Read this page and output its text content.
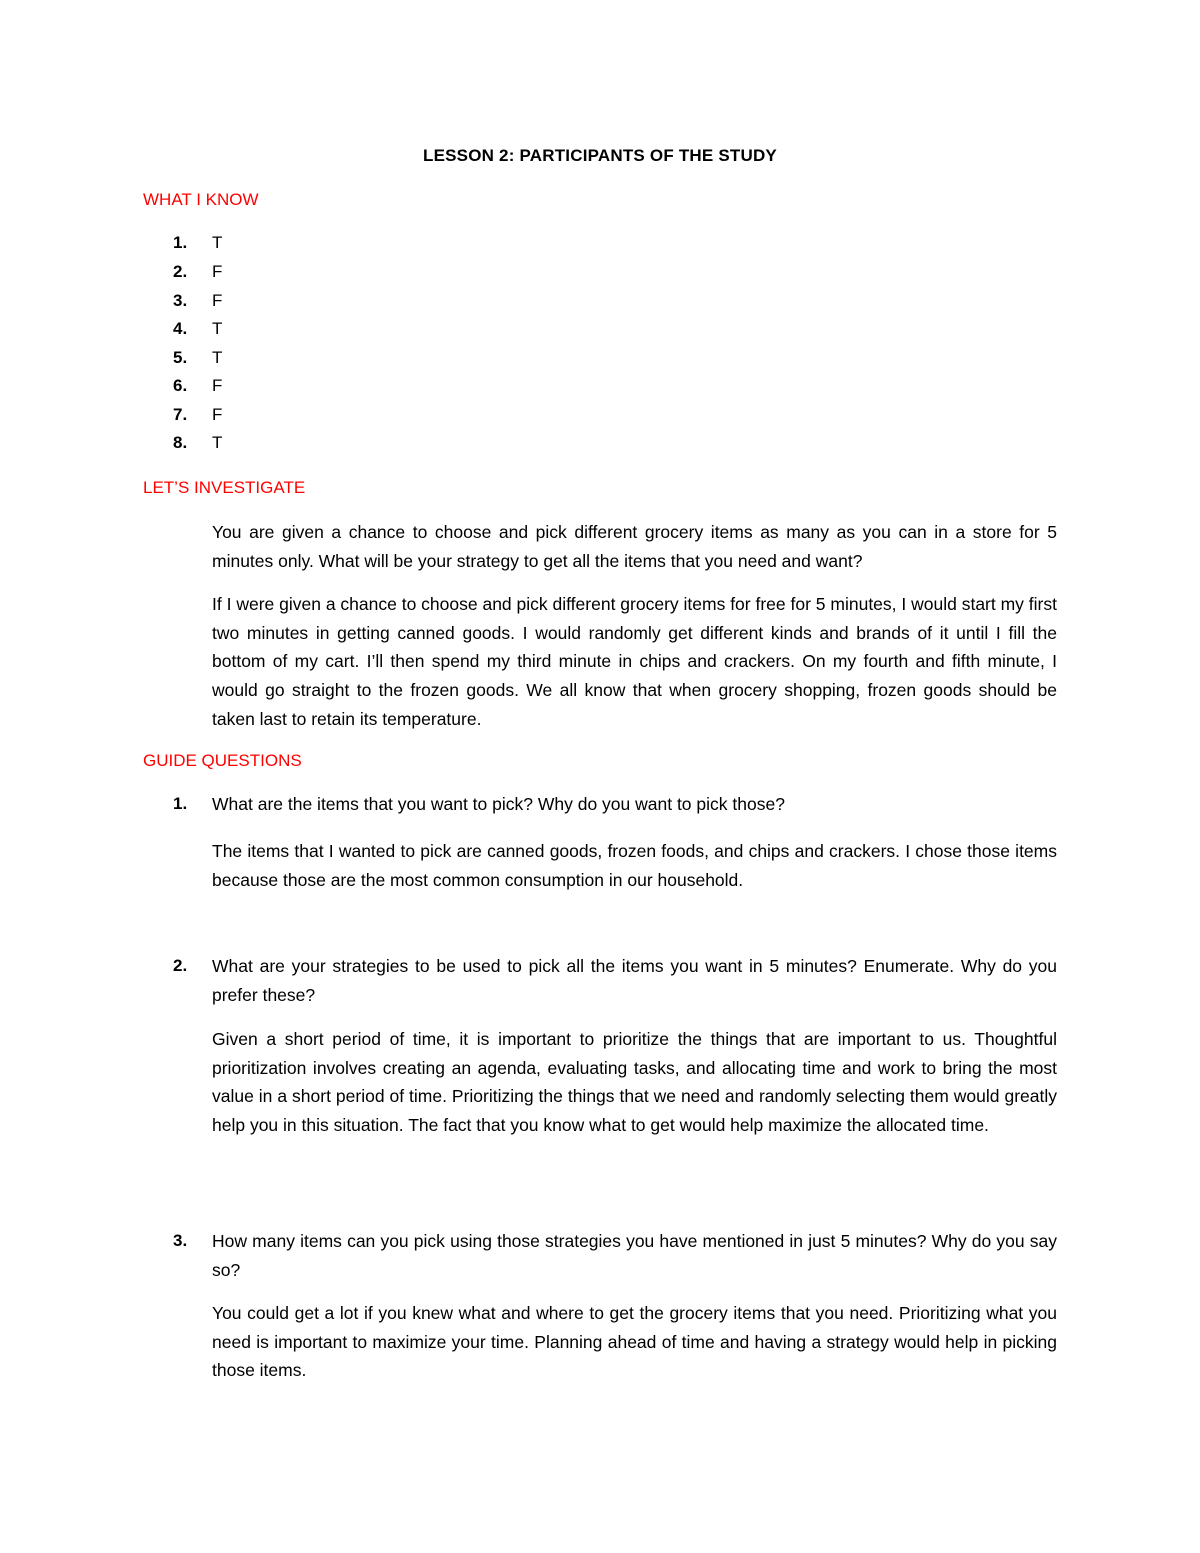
LESSON 2: PARTICIPANTS OF THE STUDY
WHAT I KNOW
1. T
2. F
3. F
4. T
5. T
6. F
7. F
8. T
LET’S INVESTIGATE

You are given a chance to choose and pick different grocery items as many as you can in a store for 5 minutes only. What will be your strategy to get all the items that you need and want?

If I were given a chance to choose and pick different grocery items for free for 5 minutes, I would start my first two minutes in getting canned goods. I would randomly get different kinds and brands of it until I fill the bottom of my cart. I’ll then spend my third minute in chips and crackers. On my fourth and fifth minute, I would go straight to the frozen goods. We all know that when grocery shopping, frozen goods should be taken last to retain its temperature.

GUIDE QUESTIONS
1. What are the items that you want to pick? Why do you want to pick those?

The items that I wanted to pick are canned goods, frozen foods, and chips and crackers. I chose those items because those are the most common consumption in our household.

2. What are your strategies to be used to pick all the items you want in 5 minutes? Enumerate. Why do you prefer these?

Given a short period of time, it is important to prioritize the things that are important to us. Thoughtful prioritization involves creating an agenda, evaluating tasks, and allocating time and work to bring the most value in a short period of time. Prioritizing the things that we need and randomly selecting them would greatly help you in this situation. The fact that you know what to get would help maximize the allocated time.

3. How many items can you pick using those strategies you have mentioned in just 5 minutes? Why do you say so?

You could get a lot if you knew what and where to get the grocery items that you need. Prioritizing what you need is important to maximize your time. Planning ahead of time and having a strategy would help in picking those items.
